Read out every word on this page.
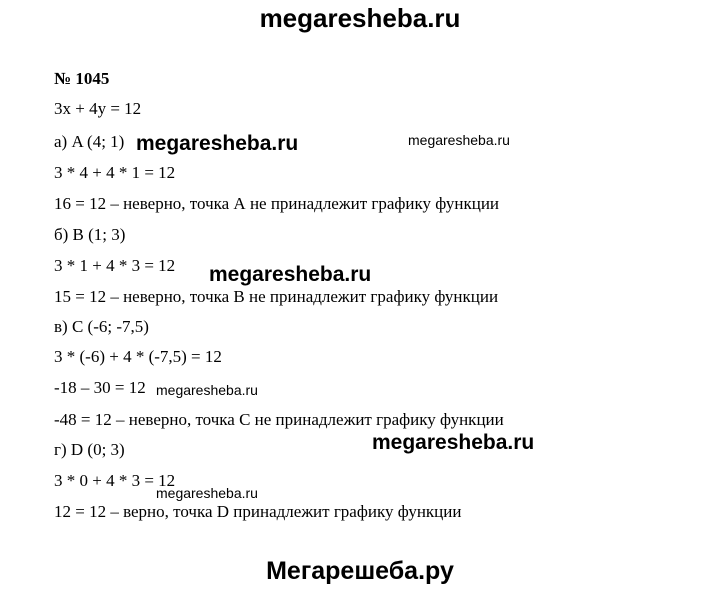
megaresheba.ru
№ 1045
3x + 4y = 12
а) A (4; 1)
3 * 4 + 4 * 1 = 12
16 = 12 – неверно, точка А не принадлежит графику функции
б) В (1; 3)
3 * 1 + 4 * 3 = 12
15 = 12 – неверно, точка В не принадлежит графику функции
в) С (-6; -7,5)
3 * (-6) + 4 * (-7,5) = 12
-18 – 30 = 12
-48 = 12 – неверно, точка С не принадлежит графику функции
г) D (0; 3)
3 * 0 + 4 * 3 = 12
12 = 12 – верно, точка D принадлежит графику функции
megaresheba.ru	megaresheba.ru
megaresheba.ru
megaresheba.ru
megaresheba.ru
megaresheba.ru
Мегарешеба.ру
